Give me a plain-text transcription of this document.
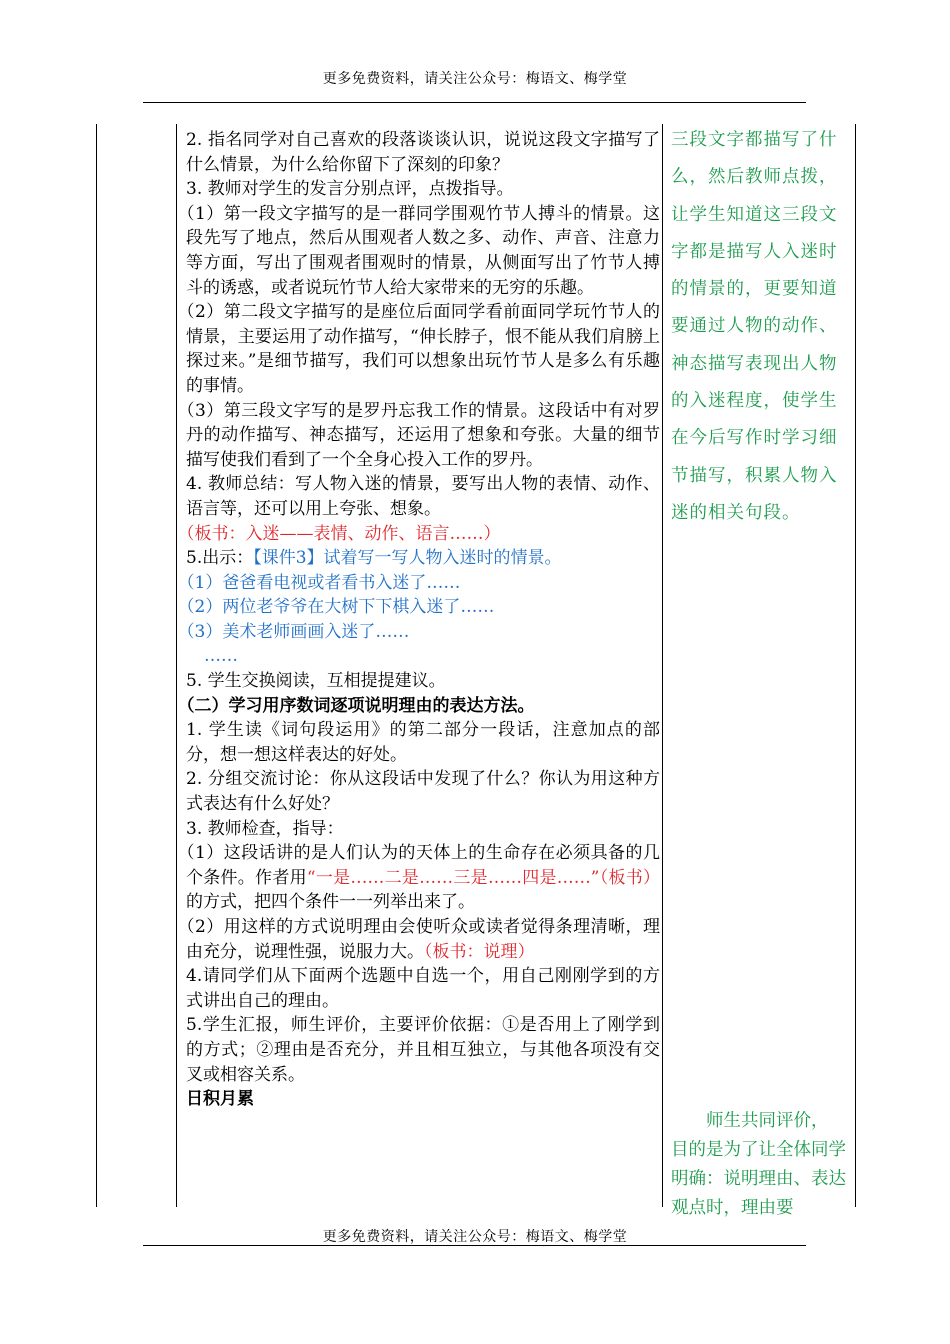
更多免费资料，请关注公众号：梅语文、梅学堂

2. 指名同学对自己喜欢的段落谈谈认识，说说这段文字描写了什么情景，为什么给你留下了深刻的印象？

3. 教师对学生的发言分别点评，点拨指导。

（1）第一段文字描写的是一群同学围观竹节人搏斗的情景。这段先写了地点，然后从围观者人数之多、动作、声音、注意力等方面，写出了围观者围观时的情景，从侧面写出了竹节人搏斗的诱惑，或者说玩竹节人给大家带来的无穷的乐趣。

（2）第二段文字描写的是座位后面同学看前面同学玩竹节人的情景，主要运用了动作描写，“伸长脖子，恨不能从我们肩膀上探过来。”是细节描写，我们可以想象出玩竹节人是多么有乐趣的事情。

（3）第三段文字写的是罗丹忘我工作的情景。这段话中有对罗丹的动作描写、神态描写，还运用了想象和夸张。大量的细节描写使我们看到了一个全身心投入工作的罗丹。

4. 教师总结：写人物入迷的情景，要写出人物的表情、动作、语言等，还可以用上夸张、想象。

（板书：入迷——表情、动作、语言……）

5.出示：【课件3】试着写一写人物入迷时的情景。

（1）爸爸看电视或者看书入迷了……

（2）两位老爷爷在大树下下棋入迷了……

（3）美术老师画画入迷了……

……

5. 学生交换阅读，互相提提建议。

（二）学习用序数词逐项说明理由的表达方法。

1. 学生读《词句段运用》的第二部分一段话，注意加点的部分，想一想这样表达的好处。

2. 分组交流讨论：你从这段话中发现了什么？你认为用这种方式表达有什么好处？

3. 教师检查，指导：

（1）这段话讲的是人们认为的天体上的生命存在必须具备的几个条件。作者用“一是……二是……三是……四是……”（板书）的方式，把四个条件一一列举出来了。

（2）用这样的方式说明理由会使听众或读者觉得条理清晰，理由充分，说理性强，说服力大。（板书：说理）

4.请同学们从下面两个选题中自选一个，用自己刚刚学到的方式讲出自己的理由。

5.学生汇报，师生评价，主要评价依据：①是否用上了刚学到的方式；②理由是否充分，并且相互独立，与其他各项没有交叉或相容关系。

日积月累

三段文字都描写了什么，然后教师点拨，让学生知道这三段文字都是描写人入迷时的情景的，更要知道要通过人物的动作、神态描写表现出人物的入迷程度，使学生在今后写作时学习细节描写，积累人物入迷的相关句段。
师生共同评价，
目的是为了让全体同学明确：说明理由、表达观点时，理由要
更多免费资料，请关注公众号：梅语文、梅学堂
